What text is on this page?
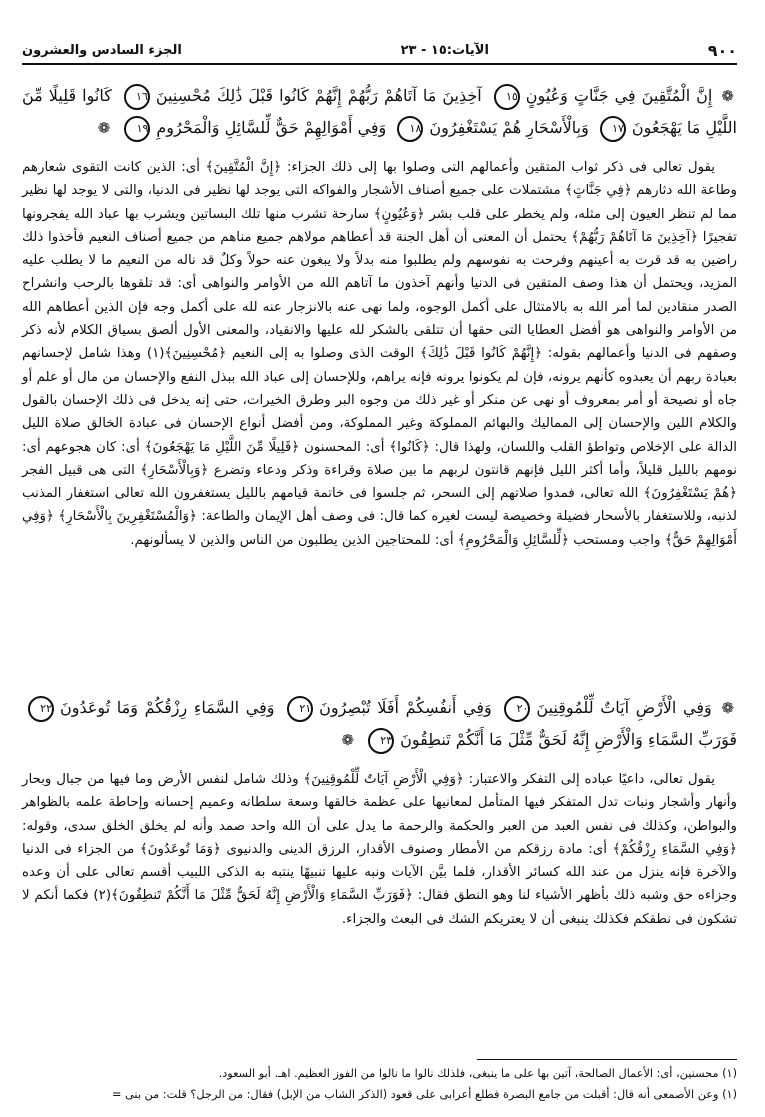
٩٠٠
الآيات:١٥ - ٢٣
الجزء السادس والعشرون
❁ إِنَّ الْمُتَّقِينَ فِي جَنَّاتٍ وَعُيُونٍ١٥ آخِذِينَ مَا آتَاهُمْ رَبُّهُمْ إِنَّهُمْ كَانُوا قَبْلَ ذَٰلِكَ مُحْسِنِينَ١٦ كَانُوا قَلِيلًا مِّنَ اللَّيْلِ مَا يَهْجَعُونَ١٧ وَبِالْأَسْحَارِ هُمْ يَسْتَغْفِرُونَ١٨ وَفِي أَمْوَالِهِمْ حَقٌّ لِّلسَّائِلِ وَالْمَحْرُومِ١٩ ❁

يقول تعالى فى ذكر ثواب المتقين وأعمالهم التى وصلوا بها إلى ذلك الجزاء: ﴿إِنَّ الْمُتَّقِينَ﴾ أى: الذين كانت التقوى شعارهم وطاعة الله دثارهم ﴿فِي جَنَّاتٍ﴾ مشتملات على جميع أصناف الأشجار والفواكه التى يوجد لها نظير فى الدنيا، والتى لا يوجد لها نظير مما لم تنظر العيون إلى مثله، ولم يخطر على قلب بشر ﴿وَعُيُونٍ﴾ سارحة تشرب منها تلك البساتين ويشرب بها عباد الله يفجرونها تفجيرًا ﴿آخِذِينَ مَا آتَاهُمْ رَبُّهُمْ﴾ يحتمل أن المعنى أن أهل الجنة قد أعطاهم مولاهم جميع مناهم من جميع أصناف النعيم فأخذوا ذلك راضين به قد قرت به أعينهم وفرحت به نفوسهم ولم يطلبوا منه بدلاً ولا يبغون عنه حولاً وكلٌ قد ناله من النعيم ما لا يطلب عليه المزيد، ويحتمل أن هذا وصف المتقين فى الدنيا وأنهم آخذون ما آتاهم الله من الأوامر والنواهى أى: قد تلقوها بالرحب وانشراح الصدر منقادين لما أمر الله به بالامتثال على أكمل الوجوه، ولما نهى عنه بالانزجار عنه لله على أكمل وجه فإن الذين أعطاهم الله من الأوامر والنواهى هو أفضل العطايا التى حقها أن تتلقى بالشكر لله عليها والانقياد، والمعنى الأول ألصق بسياق الكلام لأنه ذكر وصفهم فى الدنيا وأعمالهم بقوله: ﴿إِنَّهُمْ كَانُوا قَبْلَ ذَٰلِكَ﴾ الوقت الذى وصلوا به إلى النعيم ﴿مُحْسِنِينَ﴾(١) وهذا شامل لإحسانهم بعبادة ربهم أن يعبدوه كأنهم يرونه، فإن لم يكونوا يرونه فإنه يراهم، وللإحسان إلى عباد الله ببذل النفع والإحسان من مال أو علم أو جاه أو نصيحة أو أمر بمعروف أو نهى عن منكر أو غير ذلك من وجوه البر وطرق الخيرات، حتى إنه يدخل فى ذلك الإحسان بالقول والكلام اللين والإحسان إلى المماليك والبهائم المملوكة وغير المملوكة، ومن أفضل أنواع الإحسان فى عبادة الخالق صلاة الليل الدالة على الإخلاص وتواطؤ القلب واللسان، ولهذا قال: ﴿كَانُوا﴾ أى: المحسنون ﴿قَلِيلًا مِّنَ اللَّيْلِ مَا يَهْجَعُونَ﴾ أى: كان هجوعهم أى: نومهم بالليل قليلاً، وأما أكثر الليل فإنهم قانتون لربهم ما بين صلاة وقراءة وذكر ودعاء وتضرع ﴿وَبِالْأَسْحَارِ﴾ التى هى قبيل الفجر ﴿هُمْ يَسْتَغْفِرُونَ﴾ الله تعالى، فمدوا صلاتهم إلى السحر، ثم جلسوا فى خاتمة قيامهم بالليل يستغفرون الله تعالى استغفار المذنب لذنبه، وللاستغفار بالأسحار فضيلة وخصيصة ليست لغيره كما قال: فى وصف أهل الإيمان والطاعة: ﴿وَالْمُسْتَغْفِرِينَ بِالْأَسْحَارِ﴾ ﴿وَفِي أَمْوَالِهِمْ حَقٌّ﴾ واجب ومستحب ﴿لِّلسَّائِلِ وَالْمَحْرُومِ﴾ أى: للمحتاجين الذين يطلبون من الناس والذين لا يسألونهم.

❁ وَفِي الْأَرْضِ آيَاتٌ لِّلْمُوقِنِينَ٢٠ وَفِي أَنفُسِكُمْ أَفَلَا تُبْصِرُونَ٢١ وَفِي السَّمَاءِ رِزْقُكُمْ وَمَا تُوعَدُونَ٢٢ فَوَرَبِّ السَّمَاءِ وَالْأَرْضِ إِنَّهُ لَحَقٌّ مِّثْلَ مَا أَنَّكُمْ تَنطِقُونَ٢٣ ❁

يقول تعالى، داعيًا عباده إلى التفكر والاعتبار: ﴿وَفِي الْأَرْضِ آيَاتٌ لِّلْمُوقِنِينَ﴾ وذلك شامل لنفس الأرض وما فيها من جبال وبحار وأنهار وأشجار ونبات تدل المتفكر فيها المتأمل لمعانيها على عظمة خالقها وسعة سلطانه وعميم إحسانه وإحاطة علمه بالظواهر والبواطن، وكذلك فى نفس العبد من العبر والحكمة والرحمة ما يدل على أن الله واحد صمد وأنه لم يخلق الخلق سدى، وقوله: ﴿وَفِي السَّمَاءِ رِزْقُكُمْ﴾ أى: مادة رزقكم من الأمطار وصنوف الأقدار، الرزق الدينى والدنيوى ﴿وَمَا تُوعَدُونَ﴾ من الجزاء فى الدنيا والآخرة فإنه ينزل من عند الله كسائر الأقدار، فلما بيَّن الآيات ونبه عليها تنبيهًا ينتبه به الذكى اللبيب أقسم تعالى على أن وعده وجزاءه حق وشبه ذلك بأظهر الأشياء لنا وهو النطق فقال: ﴿فَوَرَبِّ السَّمَاءِ وَالْأَرْضِ إِنَّهُ لَحَقٌّ مِّثْلَ مَا أَنَّكُمْ تَنطِقُونَ﴾(٢) فكما أنكم لا تشكون فى نطقكم فكذلك ينبغى أن لا يعتريكم الشك فى البعث والجزاء.

(١) محسنين، أى: الأعمال الصالحة، آتين بها على ما ينبغى، فلذلك نالوا ما نالوا من الفوز العظيم. اهـ. أبو السعود.
(١) وعن الأصمعى أنه قال: أقبلت من جامع البصرة فطلع أعرابى على قعود (الذكر الشاب من الإبل) فقال: من الرجل؟ قلت: من بنى =
